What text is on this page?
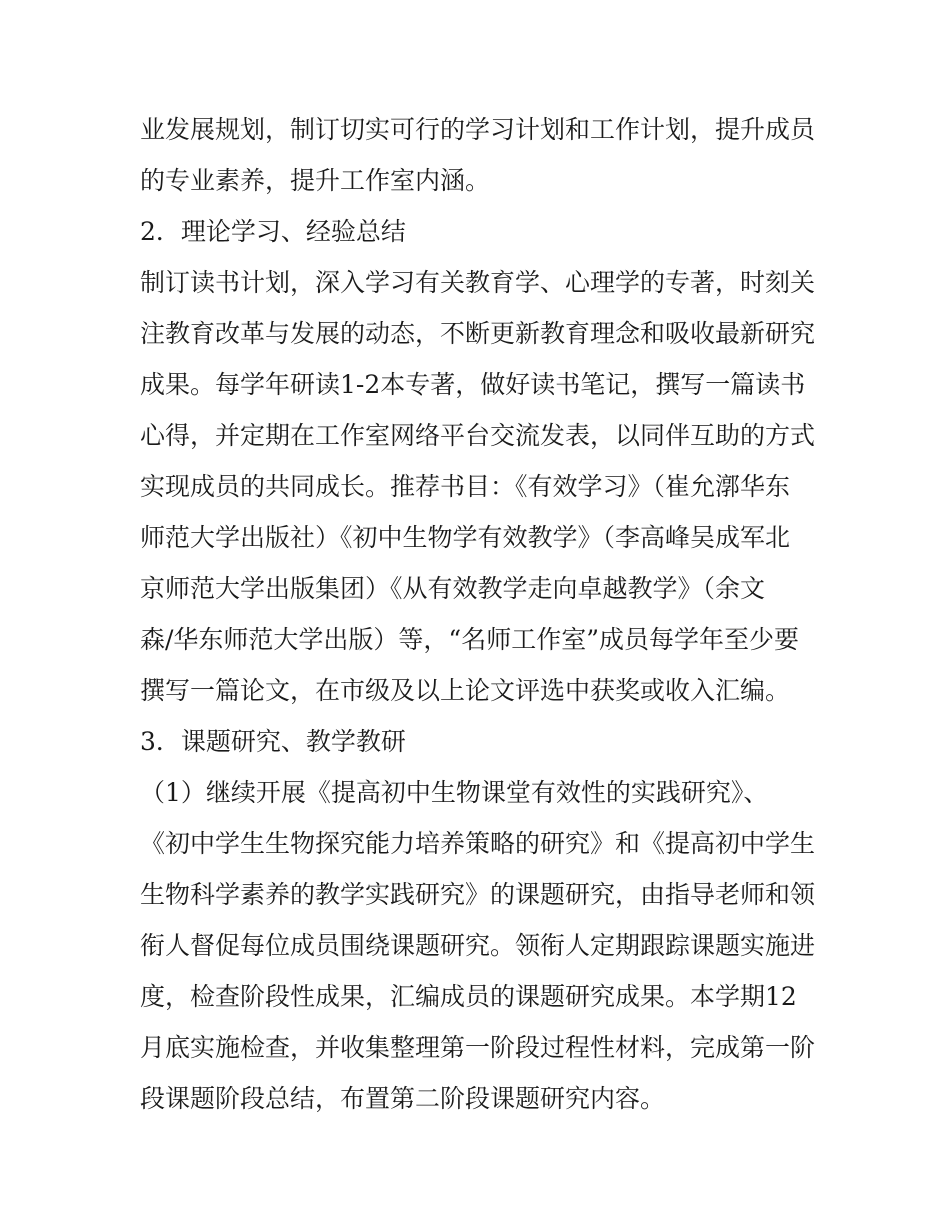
业发展规划，制订切实可行的学习计划和工作计划，提升成员
的专业素养，提升工作室内涵。
2．理论学习、经验总结
制订读书计划，深入学习有关教育学、心理学的专著，时刻关
注教育改革与发展的动态，不断更新教育理念和吸收最新研究
成果。每学年研读1-2本专著，做好读书笔记，撰写一篇读书
心得，并定期在工作室网络平台交流发表，以同伴互助的方式
实现成员的共同成长。推荐书目：《有效学习》（崔允漷华东
师范大学出版社）《初中生物学有效教学》（李高峰吴成军北
京师范大学出版集团）《从有效教学走向卓越教学》（余文
森/华东师范大学出版）等，“名师工作室”成员每学年至少要
撰写一篇论文，在市级及以上论文评选中获奖或收入汇编。
3．课题研究、教学教研
（1）继续开展《提高初中生物课堂有效性的实践研究》、
《初中学生生物探究能力培养策略的研究》和《提高初中学生
生物科学素养的教学实践研究》的课题研究，由指导老师和领
衔人督促每位成员围绕课题研究。领衔人定期跟踪课题实施进
度，检查阶段性成果，汇编成员的课题研究成果。本学期12
月底实施检查，并收集整理第一阶段过程性材料，完成第一阶
段课题阶段总结，布置第二阶段课题研究内容。
